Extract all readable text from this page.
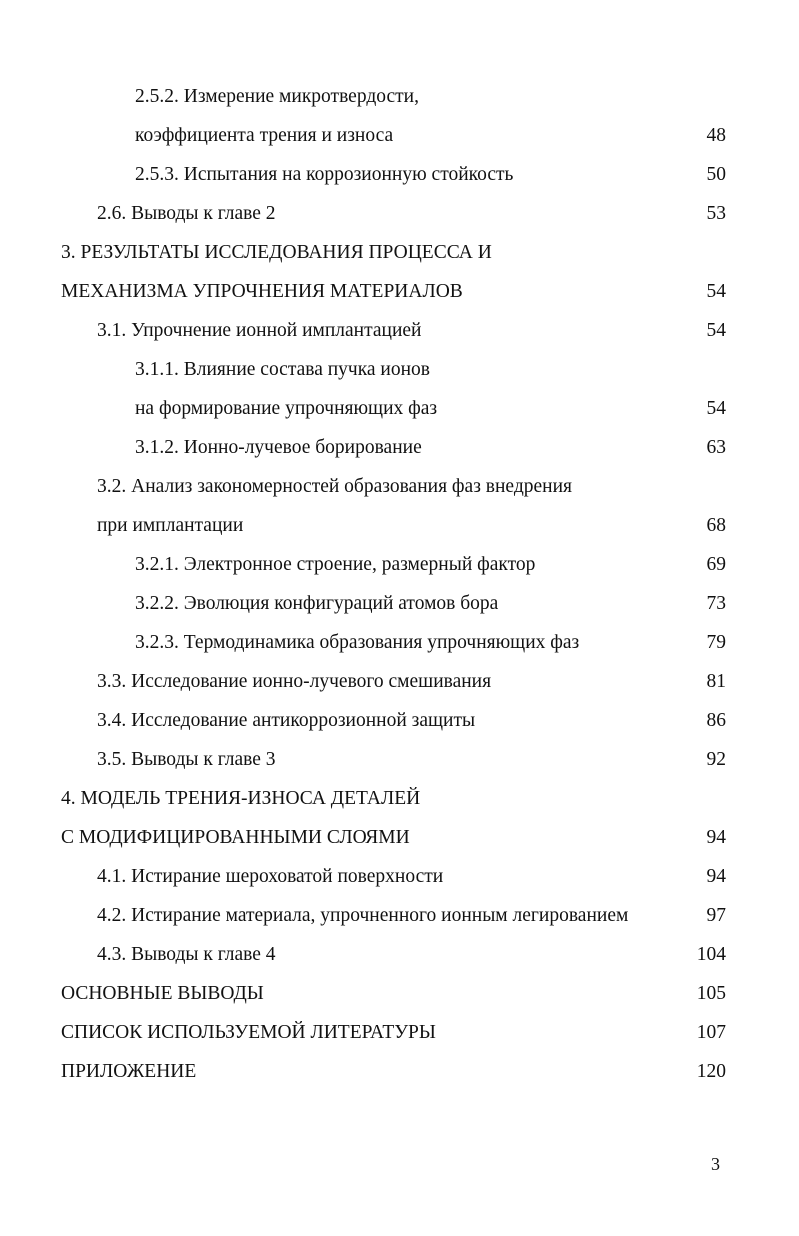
2.5.2. Измерение микротвердости,
коэффициента трения и износа	48
2.5.3. Испытания на коррозионную стойкость	50
2.6. Выводы к главе 2	53
3. РЕЗУЛЬТАТЫ ИССЛЕДОВАНИЯ ПРОЦЕССА И
МЕХАНИЗМА УПРОЧНЕНИЯ МАТЕРИАЛОВ	54
3.1. Упрочнение ионной имплантацией	54
3.1.1. Влияние состава пучка ионов
на формирование упрочняющих фаз	54
3.1.2. Ионно-лучевое борирование	63
3.2. Анализ закономерностей образования фаз внедрения
при имплантации	68
3.2.1. Электронное строение, размерный фактор	69
3.2.2. Эволюция конфигураций атомов бора	73
3.2.3. Термодинамика образования упрочняющих фаз	79
3.3. Исследование ионно-лучевого смешивания	81
3.4. Исследование антикоррозионной защиты	86
3.5. Выводы к главе 3	92
4. МОДЕЛЬ ТРЕНИЯ-ИЗНОСА ДЕТАЛЕЙ
С МОДИФИЦИРОВАННЫМИ СЛОЯМИ	94
4.1. Истирание шероховатой поверхности	94
4.2. Истирание материала, упрочненного ионным легированием	97
4.3. Выводы к главе 4	104
ОСНОВНЫЕ ВЫВОДЫ	105
СПИСОК ИСПОЛЬЗУЕМОЙ ЛИТЕРАТУРЫ	107
ПРИЛОЖЕНИЕ	120
3
